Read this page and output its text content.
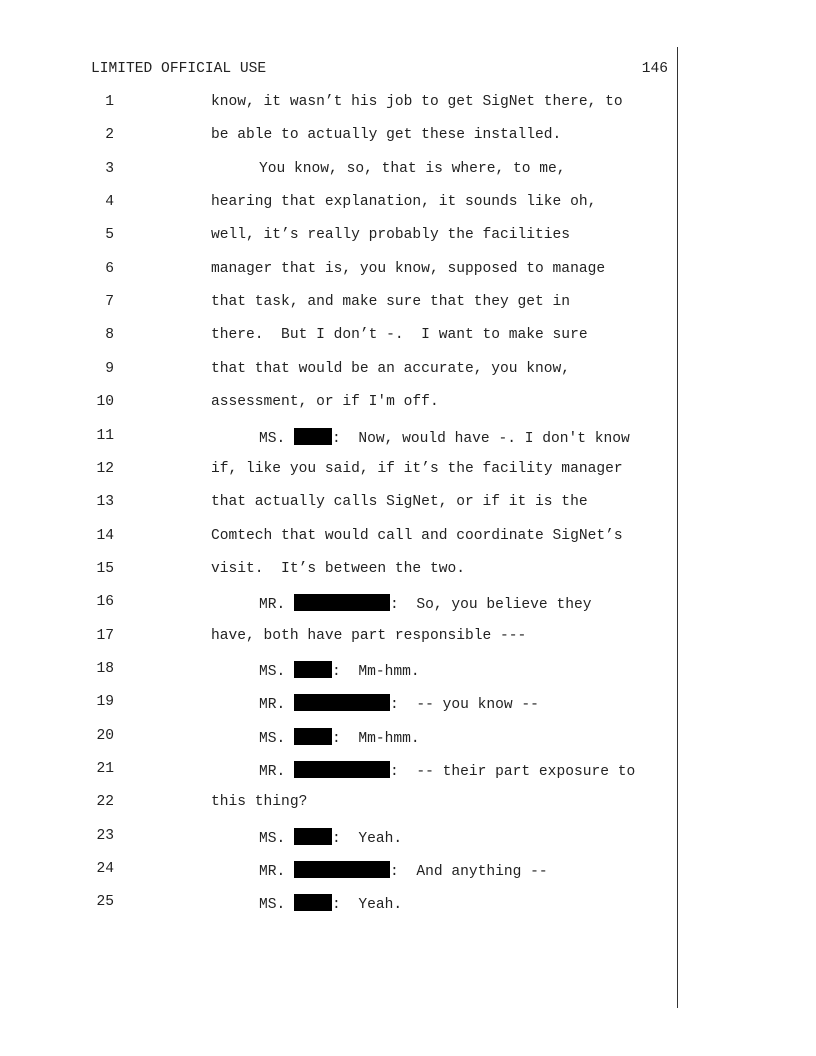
LIMITED OFFICIAL USE	146
1	know, it wasn’t his job to get SigNet there, to
2	be able to actually get these installed.
3	You know, so, that is where, to me,
4	hearing that explanation, it sounds like oh,
5	well, it’s really probably the facilities
6	manager that is, you know, supposed to manage
7	that task, and make sure that they get in
8	there.  But I don’t -.  I want to make sure
9	that that would be an accurate, you know,
10	assessment, or if I'm off.
11	MS.	:  Now, would have -. I don't know
12	if, like you said, if it’s the facility manager
13	that actually calls SigNet, or if it is the
14	Comtech that would call and coordinate SigNet’s
15	visit.  It’s between the two.
16	MR.	:  So, you believe they
17	have, both have part responsible ---
18	MS.	:  Mm-hmm.
19	MR.	:  -- you know --
20	MS.	:  Mm-hmm.
21	MR.	:  -- their part exposure to
22	this thing?
23	MS.	:  Yeah.
24	MR.	:  And anything --
25	MS.	:  Yeah.
